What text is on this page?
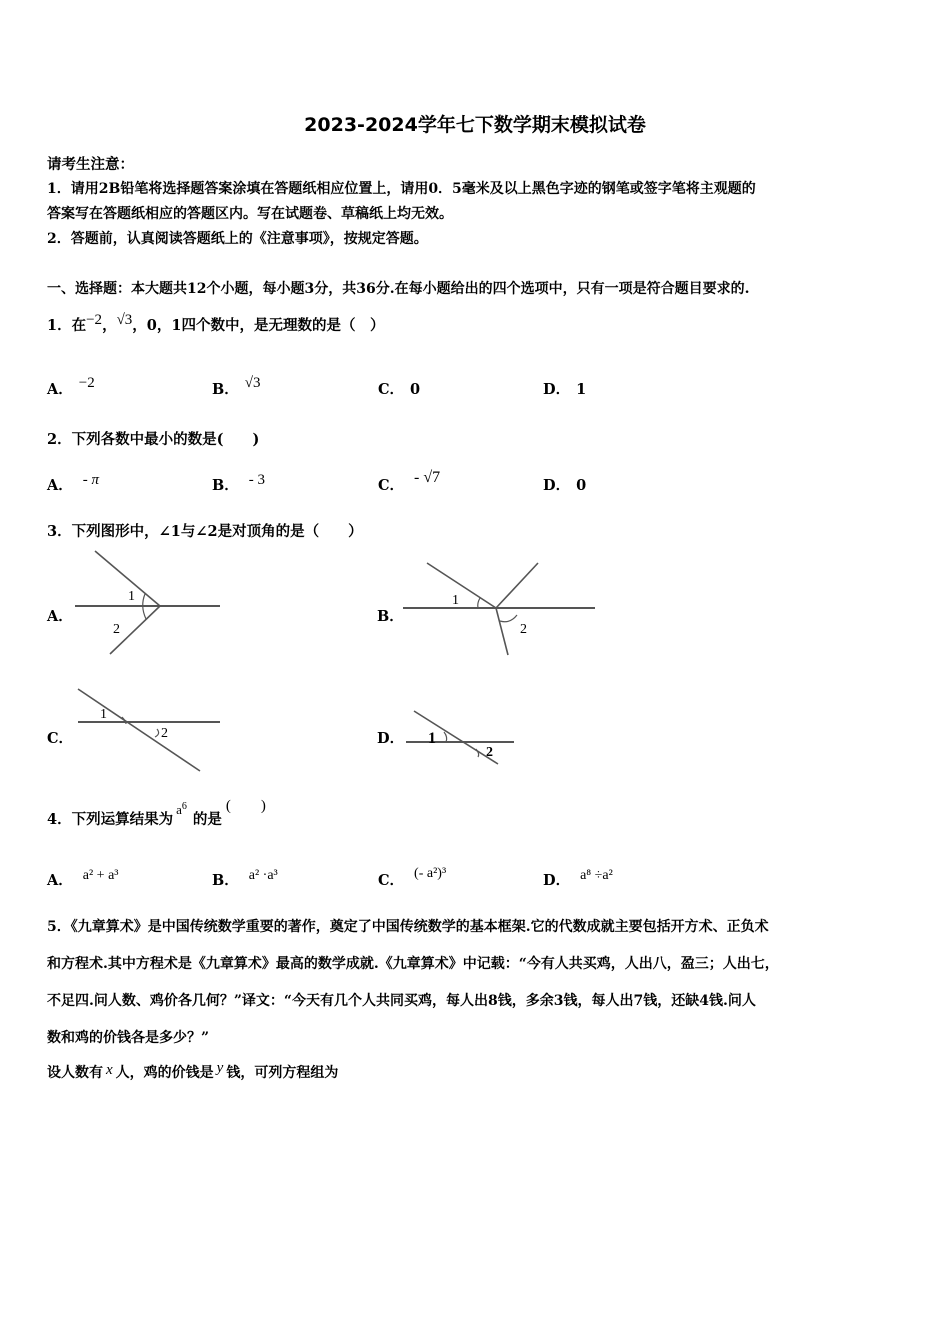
2023-2024学年七下数学期末模拟试卷
请考生注意：
1．请用2B铅笔将选择题答案涂填在答题纸相应位置上，请用0．5毫米及以上黑色字迹的钢笔或签字笔将主观题的
答案写在答题纸相应的答题区内。写在试题卷、草稿纸上均无效。
2．答题前，认真阅读答题纸上的《注意事项》，按规定答题。
一、选择题：本大题共12个小题，每小题3分，共36分.在每小题给出的四个选项中，只有一项是符合题目要求的.
1．在−2，√3，0，1四个数中，是无理数的是（　）
A． −2	B． √3	C． 0	D． 1
2．下列各数中最小的数是(　　)
A． - π	B． - 3	C． - √7	D． 0
3．下列图形中，∠1与∠2是对顶角的是（　　）
A．
1
2
B．
1
2
C．
1
2	D． 1
2
4．下列运算结果为$a^6$的是(　　)
A． a² + a³	B． a² ·a³	C． (- a²)³	D． a⁸ ÷a²
5．《九章算术》是中国传统数学重要的著作，奠定了中国传统数学的基本框架.它的代数成就主要包括开方术、正负术
和方程术.其中方程术是《九章算术》最高的数学成就.《九章算术》中记载：“今有人共买鸡，人出八，盈三；人出七，
不足四.问人数、鸡价各几何？”译文：“今天有几个人共同买鸡，每人出8钱，多余3钱，每人出7钱，还缺4钱.问人
数和鸡的价钱各是多少？”
设人数有 x 人，鸡的价钱是 y 钱，可列方程组为
